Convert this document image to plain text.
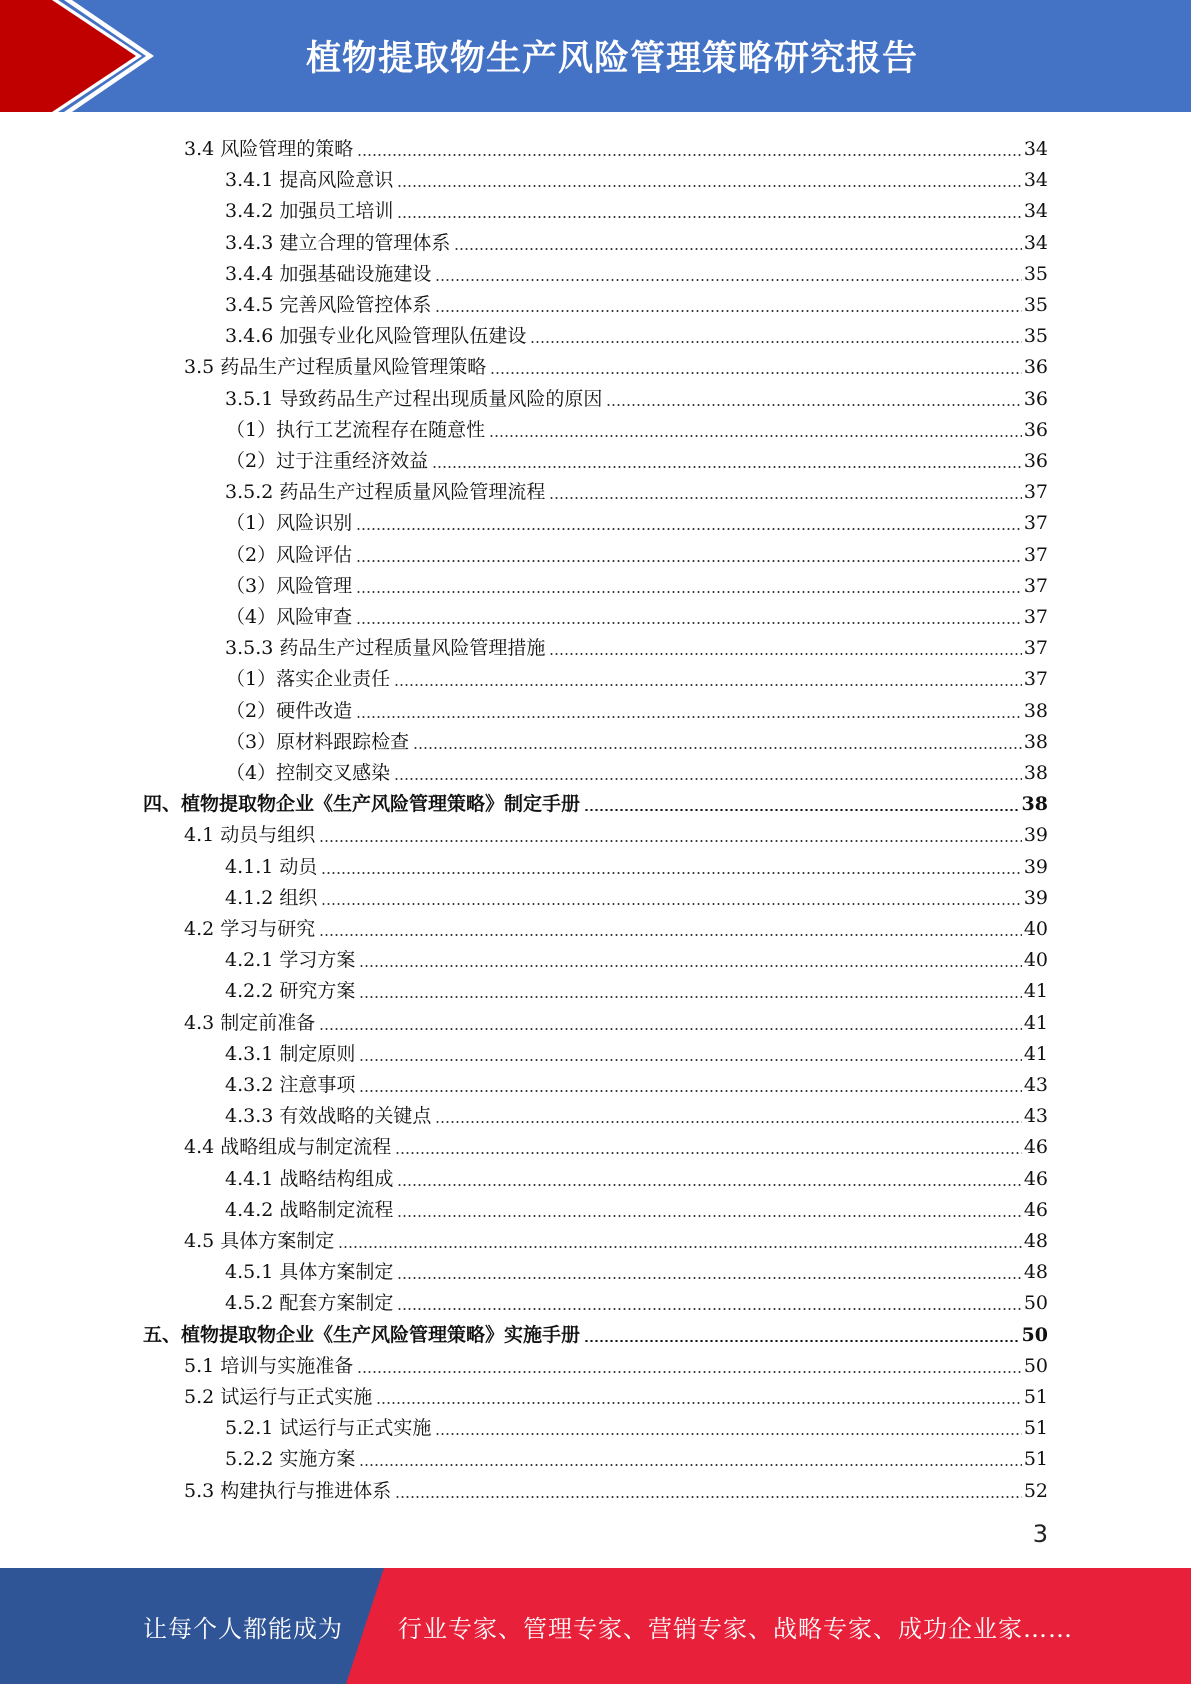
植物提取物生产风险管理策略研究报告
3.4 风险管理的策略	34
3.4.1 提高风险意识	34
3.4.2 加强员工培训	34
3.4.3 建立合理的管理体系	34
3.4.4 加强基础设施建设	35
3.4.5 完善风险管控体系	35
3.4.6 加强专业化风险管理队伍建设	35
3.5 药品生产过程质量风险管理策略	36
3.5.1 导致药品生产过程出现质量风险的原因	36
（1）执行工艺流程存在随意性	36
（2）过于注重经济效益	36
3.5.2 药品生产过程质量风险管理流程	37
（1）风险识别	37
（2）风险评估	37
（3）风险管理	37
（4）风险审查	37
3.5.3 药品生产过程质量风险管理措施	37
（1）落实企业责任	37
（2）硬件改造	38
（3）原材料跟踪检查	38
（4）控制交叉感染	38
四、植物提取物企业《生产风险管理策略》制定手册	38
4.1 动员与组织	39
4.1.1 动员	39
4.1.2 组织	39
4.2 学习与研究	40
4.2.1 学习方案	40
4.2.2 研究方案	41
4.3 制定前准备	41
4.3.1 制定原则	41
4.3.2 注意事项	43
4.3.3 有效战略的关键点	43
4.4 战略组成与制定流程	46
4.4.1 战略结构组成	46
4.4.2 战略制定流程	46
4.5 具体方案制定	48
4.5.1 具体方案制定	48
4.5.2 配套方案制定	50
五、植物提取物企业《生产风险管理策略》实施手册	50
5.1 培训与实施准备	50
5.2 试运行与正式实施	51
5.2.1 试运行与正式实施	51
5.2.2 实施方案	51
5.3 构建执行与推进体系	52
3
让每个人都能成为 行业专家、管理专家、营销专家、战略专家、成功企业家……
